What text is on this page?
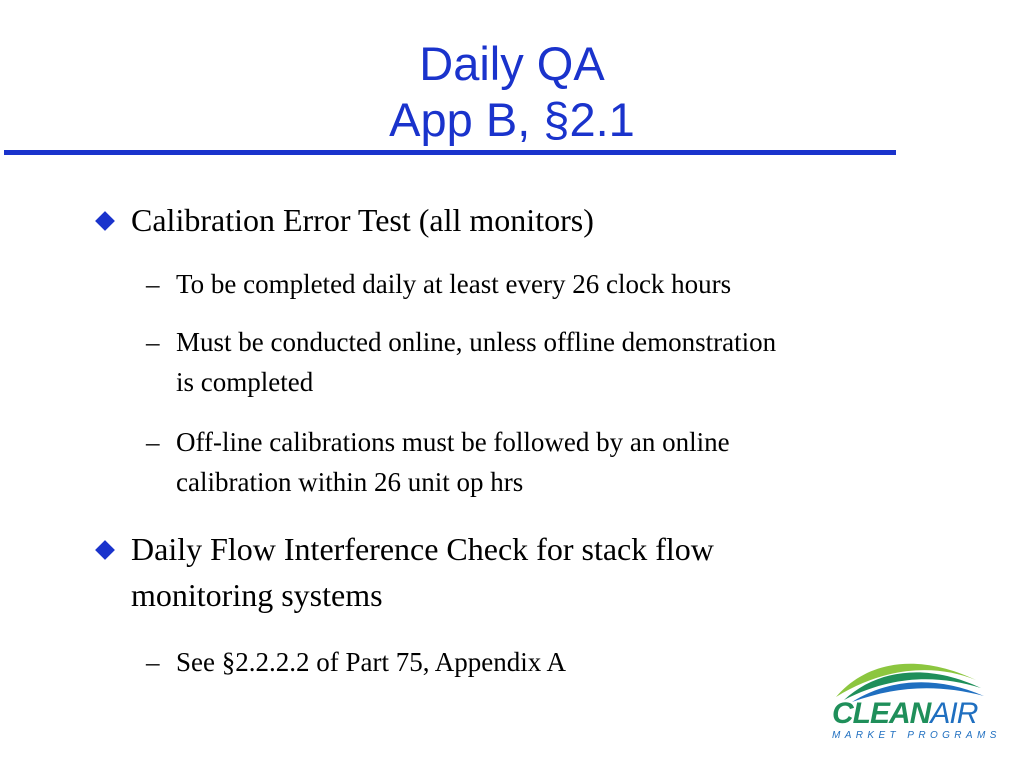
Daily QA
App B, §2.1
Calibration Error Test (all monitors)
– To be completed daily at least every 26 clock hours
– Must be conducted online, unless offline demonstration
is completed
– Off-line calibrations must be followed by an online
calibration within 26 unit op hrs
Daily Flow Interference Check for stack flow
monitoring systems
– See §2.2.2.2 of Part 75, Appendix A
CLEANAIR
MARKET PROGRAMS
